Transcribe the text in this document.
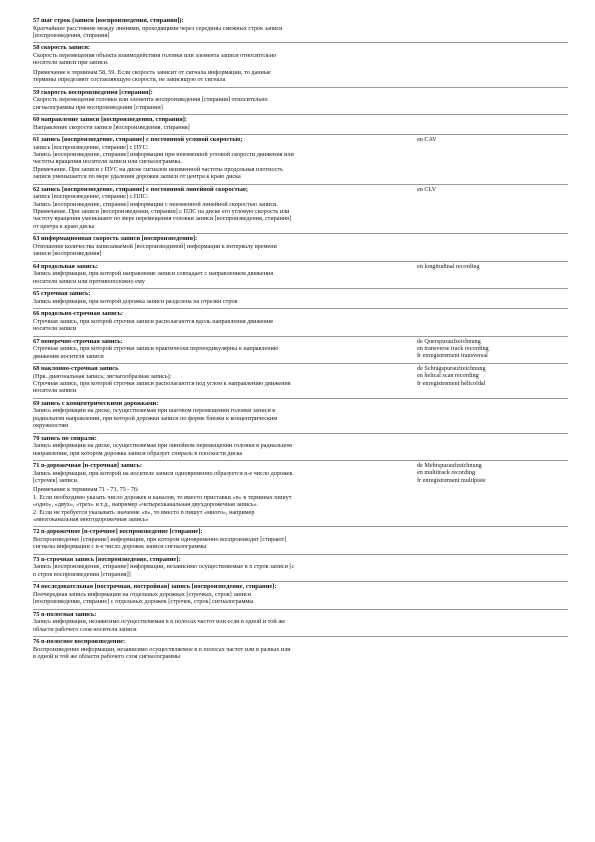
57 шаг строк (записи [воспроизведения, стирания]):
Кратчайшее расстояние между линиями, проходящими через середины смежных строк записи
[воспроизведения, стирания]
58 скорость записи:
Скорость перемещения объекта взаимодействия головки или элемента записи относительно
носителя записи при записи.
Примечание к терминам 58, 59. Если скорость зависит от сигнала информации, то данные
термины определяют составляющую скорости, не зависящую от сигнала
59 скорость воспроизведения [стирания]:
Скорость перемещения головки или элемента воспроизведения [стирания] относительно
сигналограммы при воспроизведении [стирании]
60 направление записи [воспроизведения, стирания]:
Направление скорости записи [воспроизведения, стирания]
61 запись [воспроизведение, стирание] с постоянной угловой скоростью;
запись [воспроизведение, стирание] с ПУС:
Запись [воспроизведение, стирание] информации при неизменной угловой скорости движения или
частоты вращения носителя записи или сигналограммы.
Примечание. При записи с ПУС на диске сигналов неизменной частоты продольная плотность
записи уменьшается по мере удаления дорожки записи от центра к краю диска
en CAV
62 запись [воспроизведение, стирание] с постоянной линейной скоростью;
запись [воспроизведение, стирание] с ПЛС:
Запись [воспроизведение, стирание] информации с неизменной линейной скоростью записи.
Примечание. При записи [воспроизведении, стирании] с ПЛС на диске его угловую скорость или
частоту вращения уменьшают по мере перемещения головки записи [воспроизведения, стирания]
от центра к краю диска
en CLV
63 информационная скорость записи [воспроизведения]:
Отношение количества записываемой [воспроизводимой] информации к интервалу времени
записи [воспроизведения]
64 продольная запись:
Запись информации, при которой направление записи совпадает с направлением движения
носителя записи или противоположно ему
en longitudinal recording
65 строчная запись:
Запись информации, при которой дорожка записи разделена на отрезки строк
66 продольно-строчная запись:
Строчная запись, при которой строчки записи располагаются вдоль направления движения
носителя записи
67 поперечно-строчная запись:
Строчная запись, при которой строчки записи практически перпендикулярны к направлению
движения носителя записи
de Querspuraufzeichnung
en transverse track recording
fr enregistrement transversal
68 наклонно-строчная запись
(Нрк. диагональная запись; зигзагообразная запись):
Строчная запись, при которой строчки записи располагаются под углом к направлению движения
носителя записи
de Schrägspuraufzeichnung
en helical scan recording
fr enregistrement hélicoïdal
69 запись с концентрическими дорожками:
Запись информации на диске, осуществляемая при шаговом перемещении головки записи в
радиальном направлении, при которой дорожки записи по форме близки к концентрическим
окружностям
70 запись по спирали:
Запись информации на диске, осуществляемая при линейном перемещении головки в радиальном
направлении, при котором дорожка записи образует спираль в плоскости диска
71 n-дорожечная [n-строчная] запись:
Запись информации, при которой на носителе записи одновременно образуется n-е число дорожек
[строчек] записи.
Примечание к терминам 71 - 73, 75 - 76:
1. Если необходимо указать число дорожек и каналов, то вместо приставки «n» в терминах пишут
«одно», «двух», «трех» и т.д., например «четырехканальная двухдорожечная запись».
2. Если не требуется указывать значение «n», то вместо n пишут «много», например
«многоканальная многодорожечная запись»
de Mehrspuraufzeichnung
en multitrack recording
fr enregistrement multipiste
72 n-дорожечное [n-строчное] воспроизведение [стирание]:
Воспроизведение [стирание] информации, при котором одновременно воспроизводят [стирают]
сигналы информации с n-е число дорожек записи сигналограммы
73 n-строчная запись [воспроизведение, стирание]:
Запись [воспроизведение, стирание] информации, независимо осуществляемые в n строк записи [с
n строк воспроизведения [стирания]]
74 последовательная [построчная, постройная] запись [воспроизведение, стирание]:
Поочередная запись информации на отдельных дорожках [строчках, строк] записи
[воспроизведение, стирание] с отдельных дорожек [строчек, строк] сигналограммы
75 n-полосная запись:
Запись информации, независимо осуществляемая в n полосах частот или если в одной и той же
области рабочего слоя носителя записи
76 n-полосное воспроизведение:
Воспроизведение информации, независимо осуществляемое в n полосах частот или в разных или
в одной и той же области рабочего слоя сигналограммы
